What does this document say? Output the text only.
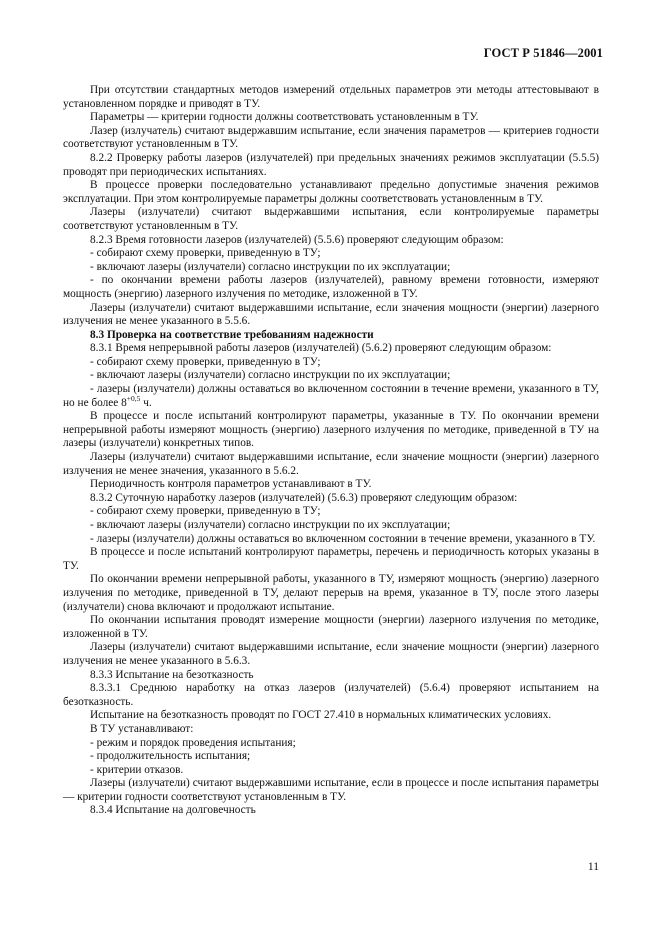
ГОСТ Р 51846—2001

При отсутствии стандартных методов измерений отдельных параметров эти методы аттестовывают в установленном порядке и приводят в ТУ.

Параметры — критерии годности должны соответствовать установленным в ТУ.

Лазер (излучатель) считают выдержавшим испытание, если значения параметров — критериев годности соответствуют установленным в ТУ.

8.2.2 Проверку работы лазеров (излучателей) при предельных значениях режимов эксплуатации (5.5.5) проводят при периодических испытаниях.

В процессе проверки последовательно устанавливают предельно допустимые значения режимов эксплуатации. При этом контролируемые параметры должны соответствовать установленным в ТУ.

Лазеры (излучатели) считают выдержавшими испытания, если контролируемые параметры соответствуют установленным в ТУ.

8.2.3 Время готовности лазеров (излучателей) (5.5.6) проверяют следующим образом:

- собирают схему проверки, приведенную в ТУ;

- включают лазеры (излучатели) согласно инструкции по их эксплуатации;

- по окончании времени работы лазеров (излучателей), равному времени готовности, измеряют мощность (энергию) лазерного излучения по методике, изложенной в ТУ.

Лазеры (излучатели) считают выдержавшими испытание, если значения мощности (энергии) лазерного излучения не менее указанного в 5.5.6.

8.3 Проверка на соответствие требованиям надежности

8.3.1 Время непрерывной работы лазеров (излучателей) (5.6.2) проверяют следующим образом:

- собирают схему проверки, приведенную в ТУ;

- включают лазеры (излучатели) согласно инструкции по их эксплуатации;

- лазеры (излучатели) должны оставаться во включенном состоянии в течение времени, указанного в ТУ, но не более $8^{+0,5}$ ч.

В процессе и после испытаний контролируют параметры, указанные в ТУ. По окончании времени непрерывной работы измеряют мощность (энергию) лазерного излучения по методике, приведенной в ТУ на лазеры (излучатели) конкретных типов.

Лазеры (излучатели) считают выдержавшими испытание, если значение мощности (энергии) лазерного излучения не менее значения, указанного в 5.6.2.

Периодичность контроля параметров устанавливают в ТУ.

8.3.2 Суточную наработку лазеров (излучателей) (5.6.3) проверяют следующим образом:

- собирают схему проверки, приведенную в ТУ;

- включают лазеры (излучатели) согласно инструкции по их эксплуатации;

- лазеры (излучатели) должны оставаться во включенном состоянии в течение времени, указанного в ТУ.

В процессе и после испытаний контролируют параметры, перечень и периодичность которых указаны в ТУ.

По окончании времени непрерывной работы, указанного в ТУ, измеряют мощность (энергию) лазерного излучения по методике, приведенной в ТУ, делают перерыв на время, указанное в ТУ, после этого лазеры (излучатели) снова включают и продолжают испытание.

По окончании испытания проводят измерение мощности (энергии) лазерного излучения по методике, изложенной в ТУ.

Лазеры (излучатели) считают выдержавшими испытание, если значение мощности (энергии) лазерного излучения не менее указанного в 5.6.3.

8.3.3 Испытание на безотказность

8.3.3.1 Среднюю наработку на отказ лазеров (излучателей) (5.6.4) проверяют испытанием на безотказность.

Испытание на безотказность проводят по ГОСТ 27.410 в нормальных климатических условиях.

В ТУ устанавливают:

- режим и порядок проведения испытания;

- продолжительность испытания;

- критерии отказов.

Лазеры (излучатели) считают выдержавшими испытание, если в процессе и после испытания параметры — критерии годности соответствуют установленным в ТУ.

8.3.4 Испытание на долговечность

11
